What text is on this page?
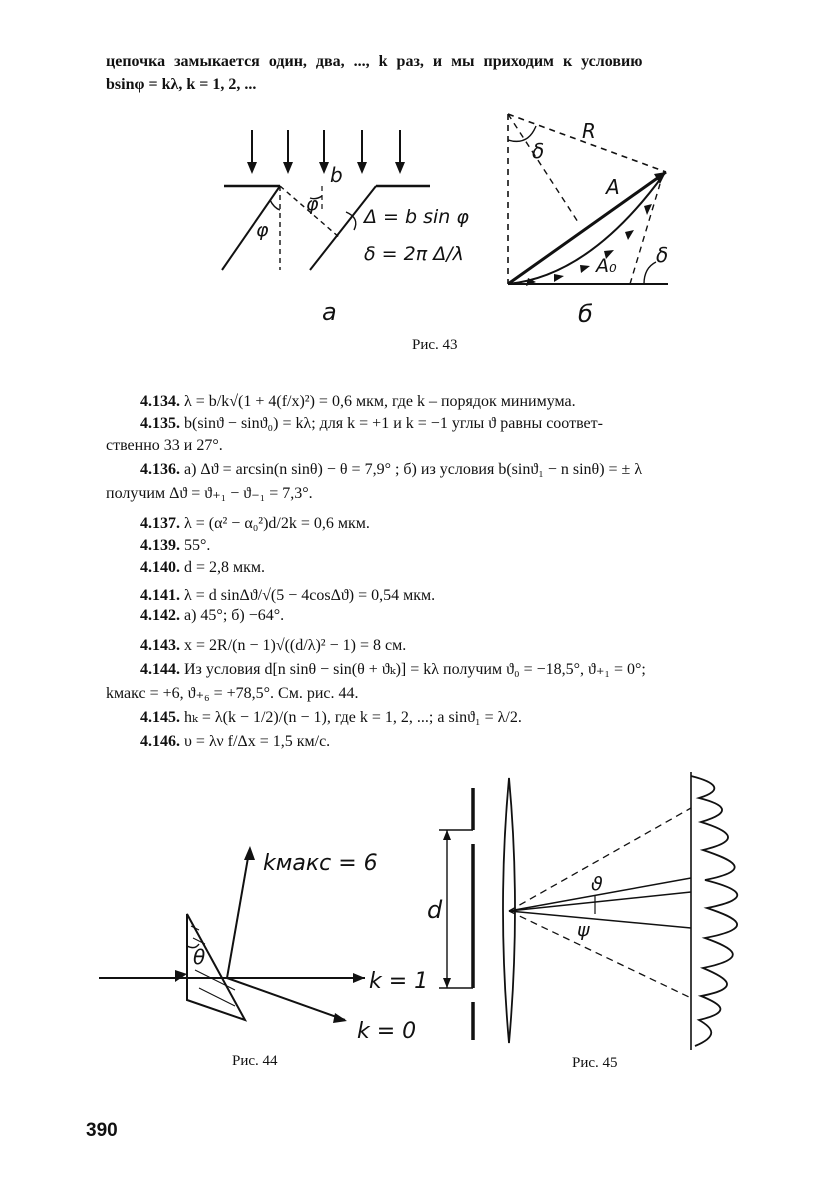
цепочка замыкается один, два, ..., k раз, и мы приходим к условию
bsinφ = kλ, k = 1, 2, ...
b
φ
φ
Δ = b sin φ
δ = 2π Δ/λ
а
R
δ
A
A₀ δ
б
Рис. 43
4.134. λ = b/k√(1 + 4(f/x)²) = 0,6 мкм, где k – порядок минимума.
4.135. b(sinϑ − sinϑ₀) = kλ; для k = +1 и k = −1 углы ϑ равны соответ-
ственно 33 и 27°.
4.136. а) Δϑ = arcsin(n sinθ) − θ = 7,9° ; б) из условия b(sinϑ₁ − n sinθ) = ± λ
получим Δϑ = ϑ₊₁ − ϑ₋₁ = 7,3°.
4.137. λ = (α² − α₀²)d/2k = 0,6 мкм.
4.139. 55°.
4.140. d = 2,8 мкм.
4.141. λ = d sinΔϑ/√(5 − 4cosΔϑ) = 0,54 мкм.
4.142. а) 45°; б) −64°.
4.143. x = 2R/(n − 1)√((d/λ)² − 1) = 8 см.
4.144. Из условия d[n sinθ − sin(θ + ϑₖ)] = kλ получим ϑ₀ = −18,5°, ϑ₊₁ = 0°;
kмакс = +6, ϑ₊₆ = +78,5°. См. рис. 44.
4.145. hₖ = λ(k − 1/2)/(n − 1), где k = 1, 2, ...; a sinϑ₁ = λ/2.
4.146. υ = λν f/Δx = 1,5 км/с.
kмакс = 6
θ
k = 1
k = 0
Рис. 44
d
ϑ
ψ
Рис. 45
390
